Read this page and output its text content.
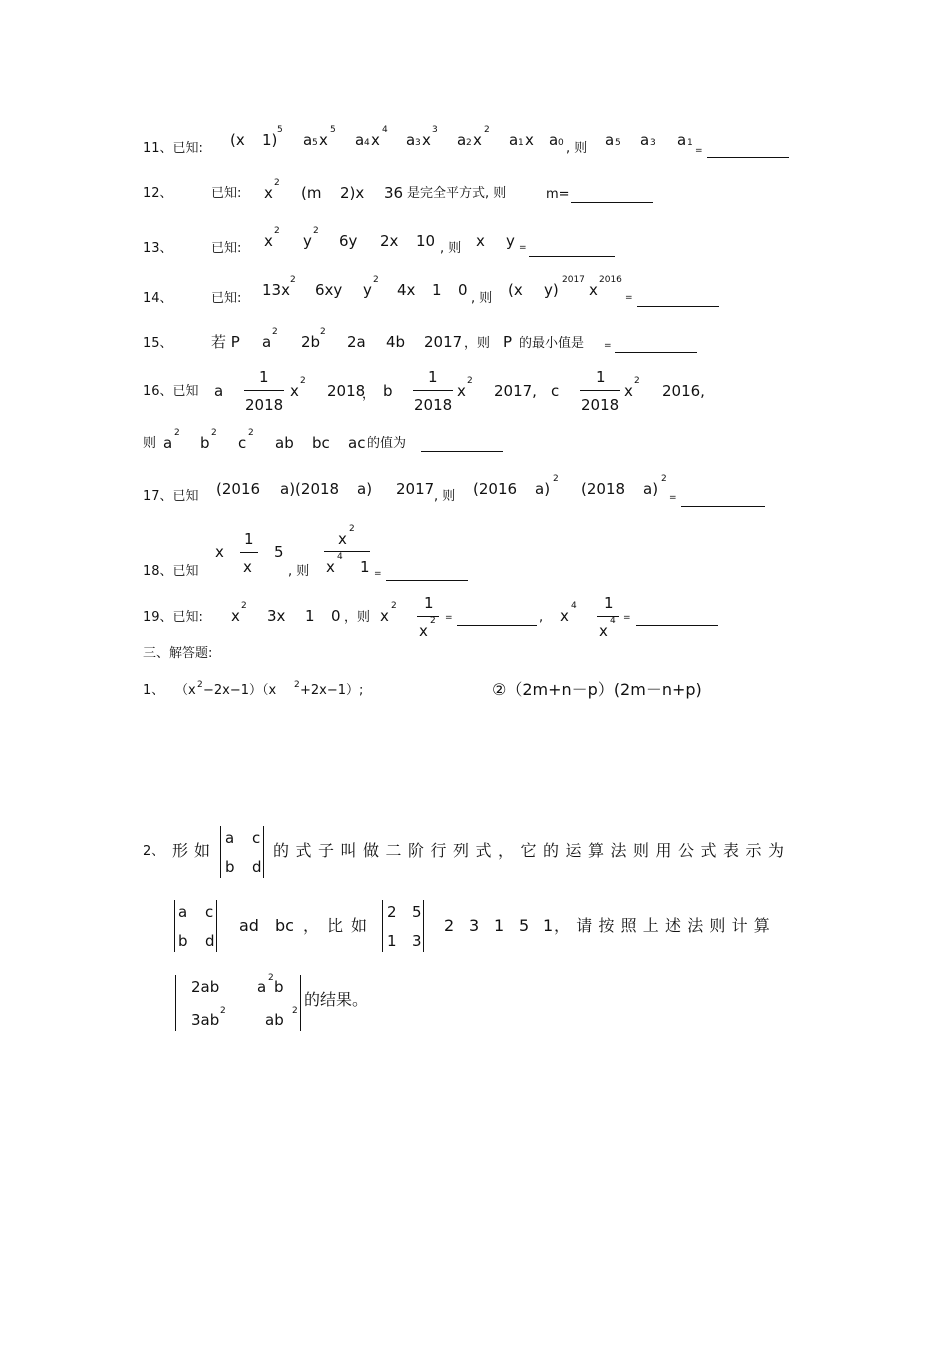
11、已知: (x 1)
5
a 5 x
5
a 4 x
4
a 3 x
3
a 2 x
2
a 1 x a 0 , 则 a 5 a 3 a 1
=
12、	已知: x
2
(m 2)x 36 是完全平方式, 则	m=
13、	已知: x
2
y
2
6y 2x 10 , 则 x y =
14、	已知: 13x
2
6xy y
2
4x 1 0 , 则 (x y)
2017
x
2016
=
15、	若 P a
2
2b
2
2a 4b 2017 ，则 P 的最小值是 =
16、已知 a
1
2018
x
2
2018
， b
1
2018
x
2
2017, c
1
2018
x
2
2016,
则 a
2
b
2
c
2
ab bc ac 的值为
17、已知 (2016 a)(2018 a) 2017 , 则 (2016 a)
2
(2018 a)
2
=
18、已知
x
1
x
5
, 则
x
2
x
4
1 =
19、已知: x
2
3x 1 0 ，则 x
2 1
x
2 =	, x
4 1
x
4 =
三、解答题:
1、 （x 2 −2x−1）（x 2 +2x−1）;	②（2m+n－p）(2m－n+p)
2、 形如
a c
b d
的式子叫做二阶行列式，它的运算法则用公式表示为
a c
b d
ad bc ，比如
2 5
1 3
2 3 1 5 1 ，请按照上述法则计算
2ab	a 2 b
3ab 2	ab 2
的结果。
